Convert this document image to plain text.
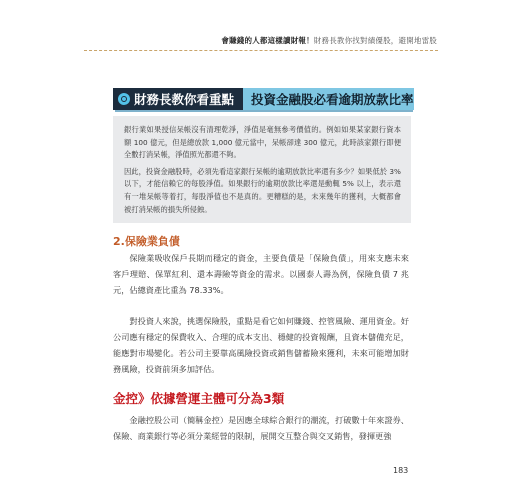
會賺錢的人都這樣讀財報！財務長教你找對績優股，避開地雷股
財務長教你看重點 投資金融股必看逾期放款比率

銀行業如果授信呆帳沒有清理乾淨，淨值是毫無參考價值的。例如如果某家銀行資本額 100 億元，但是總放款 1,000 億元當中，呆帳卻達 300 億元，此時該家銀行即便全數打消呆帳，淨值照光都還不夠。

因此，投資金融股時，必須先看這家銀行呆帳的逾期放款比率還有多少？如果低於 3% 以下，才能信賴它的每股淨值。如果銀行的逾期放款比率還是動輒 5% 以上，表示還有一堆呆帳等着打，每股淨值也不是真的。更糟糕的是，未來幾年的獲利，大概都會被打消呆帳的損失所侵蝕。

2.保險業負債

保險業吸收保戶長期而穩定的資金，主要負債是「保險負債」，用來支應未來客戶理賠、保單紅利、還本壽險等資金的需求。以國泰人壽為例，保險負債 7 兆元，佔總資產比重為 78.33%。

對投資人來說，挑選保險股，重點是看它如何賺錢、控管風險、運用資金。好公司應有穩定的保費收入、合理的成本支出、穩健的投資報酬，且資本儲備充足，能應對市場變化。若公司主要靠高風險投資或銷售儲蓄險來獲利，未來可能增加財務風險，投資前須多加評估。

金控》依據營運主體可分為3類

金融控股公司（簡稱金控）是因應全球綜合銀行的潮流，打破數十年來證券、保險、商業銀行等必須分業經營的限制，展開交互整合與交叉銷售，發揮更強

183
